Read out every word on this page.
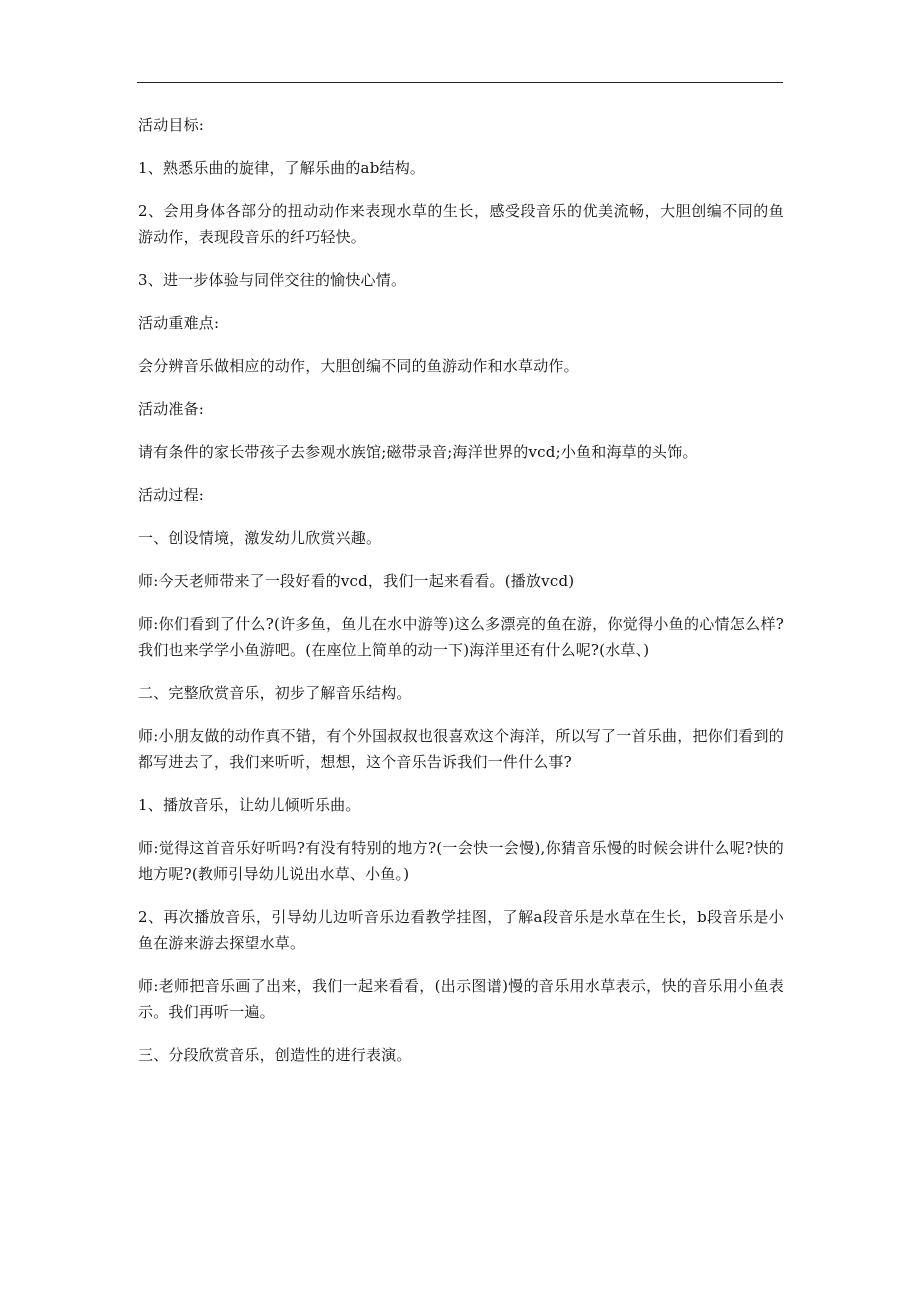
活动目标:

1、熟悉乐曲的旋律，了解乐曲的ab结构。

2、会用身体各部分的扭动动作来表现水草的生长，感受段音乐的优美流畅，大胆创编不同的鱼游动作，表现段音乐的纤巧轻快。

3、进一步体验与同伴交往的愉快心情。

活动重难点:

会分辨音乐做相应的动作，大胆创编不同的鱼游动作和水草动作。

活动准备:

请有条件的家长带孩子去参观水族馆;磁带录音;海洋世界的vcd;小鱼和海草的头饰。

活动过程:

一、创设情境，激发幼儿欣赏兴趣。

师:今天老师带来了一段好看的vcd，我们一起来看看。(播放vcd)

师:你们看到了什么?(许多鱼，鱼儿在水中游等)这么多漂亮的鱼在游，你觉得小鱼的心情怎么样?我们也来学学小鱼游吧。(在座位上简单的动一下)海洋里还有什么呢?(水草、)

二、完整欣赏音乐，初步了解音乐结构。

师:小朋友做的动作真不错，有个外国叔叔也很喜欢这个海洋，所以写了一首乐曲，把你们看到的都写进去了，我们来听听，想想，这个音乐告诉我们一件什么事?

1、播放音乐，让幼儿倾听乐曲。

师:觉得这首音乐好听吗?有没有特别的地方?(一会快一会慢),你猜音乐慢的时候会讲什么呢?快的地方呢?(教师引导幼儿说出水草、小鱼。)

2、再次播放音乐，引导幼儿边听音乐边看教学挂图，了解a段音乐是水草在生长，b段音乐是小鱼在游来游去探望水草。

师:老师把音乐画了出来，我们一起来看看，(出示图谱)慢的音乐用水草表示，快的音乐用小鱼表示。我们再听一遍。

三、分段欣赏音乐，创造性的进行表演。
